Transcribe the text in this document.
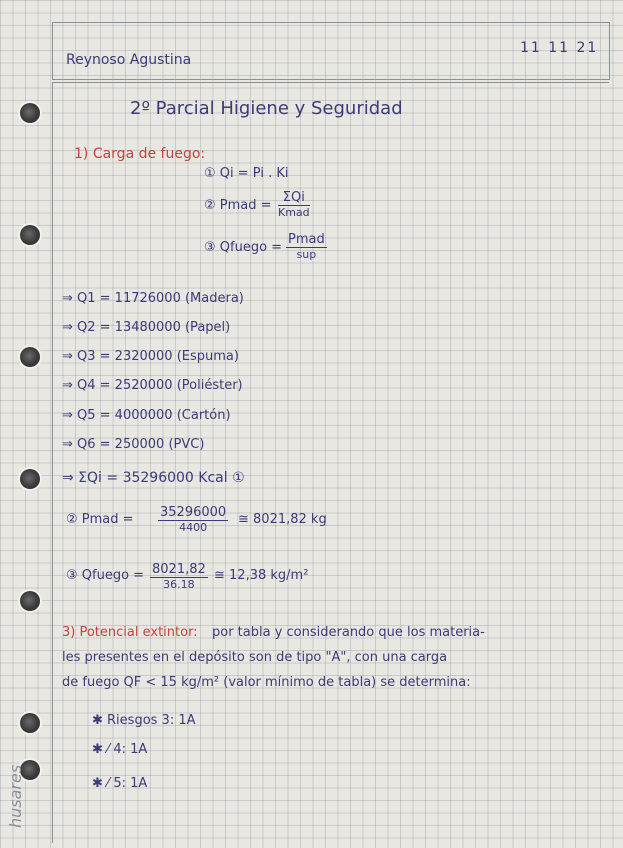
Reynoso Agustina
11 11 21
2º Parcial Higiene y Seguridad
1) Carga de fuego:
① Qi = Pi . Ki
② Pmad =
ΣQi
Kmad
③ Qfuego =
Pmad
sup
⇒ Q1 = 11726000 (Madera)
⇒ Q2 = 13480000 (Papel)
⇒ Q3 = 2320000 (Espuma)
⇒ Q4 = 2520000 (Poliéster)
⇒ Q5 = 4000000 (Cartón)
⇒ Q6 = 250000 (PVC)
⇒ ΣQi = 35296000 Kcal ①
② Pmad = 35296000
4400
≅ 8021,82 kg
③ Qfuego = 8021,82
36.18
≅ 12,38 kg/m²
3) Potencial extintor: por tabla y considerando que los materia-
les presentes en el depósito son de tipo "A", con una carga
de fuego QF < 15 kg/m² (valor mínimo de tabla) se determina:
✱ Riesgos 3: 1A
✱ ⁄ 4: 1A
✱ ⁄ 5: 1A
husares
